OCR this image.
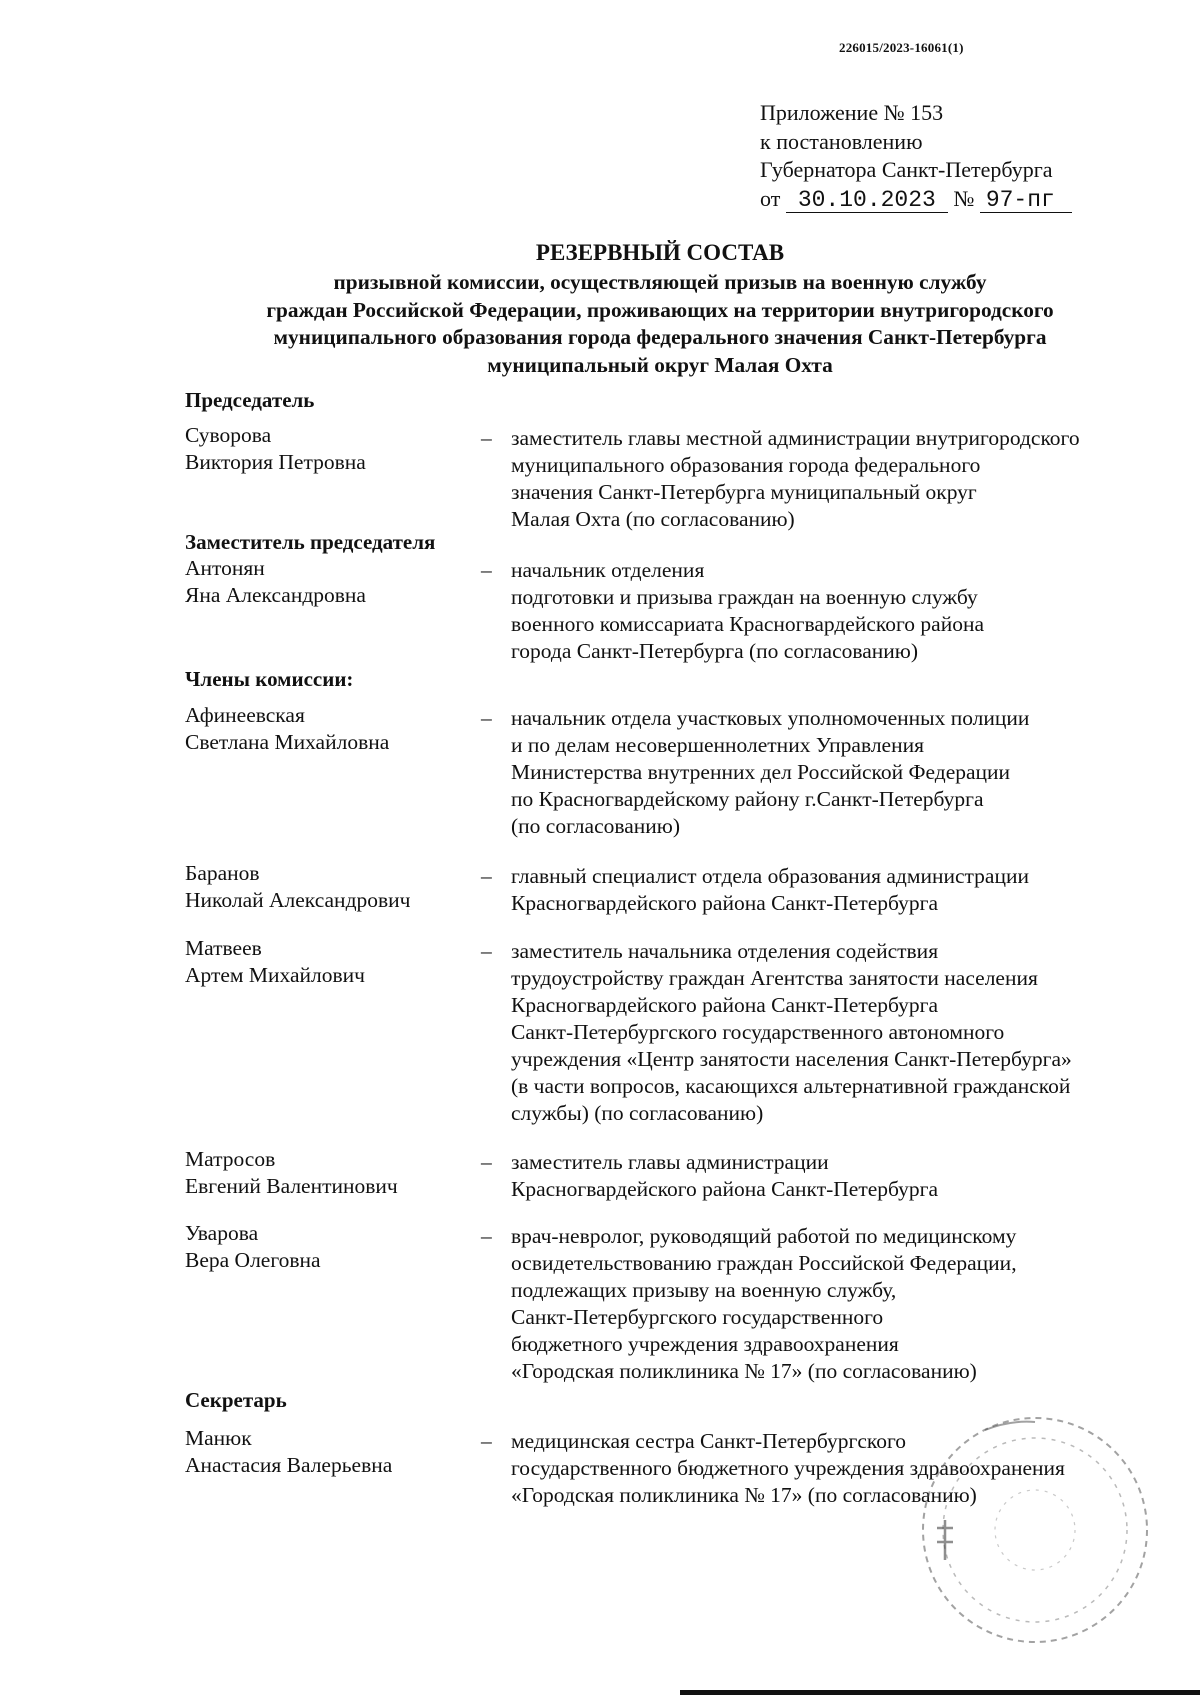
226015/2023-16061(1)
Приложение № 153
к постановлению
Губернатора Санкт-Петербурга
от 30.10.2023 № 97-пг
РЕЗЕРВНЫЙ СОСТАВ
призывной комиссии, осуществляющей призыв на военную службу
граждан Российской Федерации, проживающих на территории внутригородского
муниципального образования города федерального значения Санкт-Петербурга
муниципальный округ Малая Охта
Председатель
Суворова
Виктория Петровна
– заместитель главы местной администрации внутригородского
муниципального образования города федерального
значения Санкт-Петербурга муниципальный округ
Малая Охта (по согласованию)
Заместитель председателя
Антонян
Яна Александровна
– начальник отделения
подготовки и призыва граждан на военную службу
военного комиссариата Красногвардейского района
города Санкт-Петербурга (по согласованию)
Члены комиссии:
Афинеевская
Светлана Михайловна
– начальник отдела участковых уполномоченных полиции
и по делам несовершеннолетних Управления
Министерства внутренних дел Российской Федерации
по Красногвардейскому району г.Санкт-Петербурга
(по согласованию)
Баранов
Николай Александрович
– главный специалист отдела образования администрации
Красногвардейского района Санкт-Петербурга
Матвеев
Артем Михайлович
– заместитель начальника отделения содействия
трудоустройству граждан Агентства занятости населения
Красногвардейского района Санкт-Петербурга
Санкт-Петербургского государственного автономного
учреждения «Центр занятости населения Санкт-Петербурга»
(в части вопросов, касающихся альтернативной гражданской
службы) (по согласованию)
Матросов
Евгений Валентинович
– заместитель главы администрации
Красногвардейского района Санкт-Петербурга
Уварова
Вера Олеговна
– врач-невролог, руководящий работой по медицинскому
освидетельствованию граждан Российской Федерации,
подлежащих призыву на военную службу,
Санкт-Петербургского государственного
бюджетного учреждения здравоохранения
«Городская поликлиника № 17» (по согласованию)
Секретарь
Манюк
Анастасия Валерьевна
– медицинская сестра Санкт-Петербургского
государственного бюджетного учреждения здравоохранения
«Городская поликлиника № 17» (по согласованию)
